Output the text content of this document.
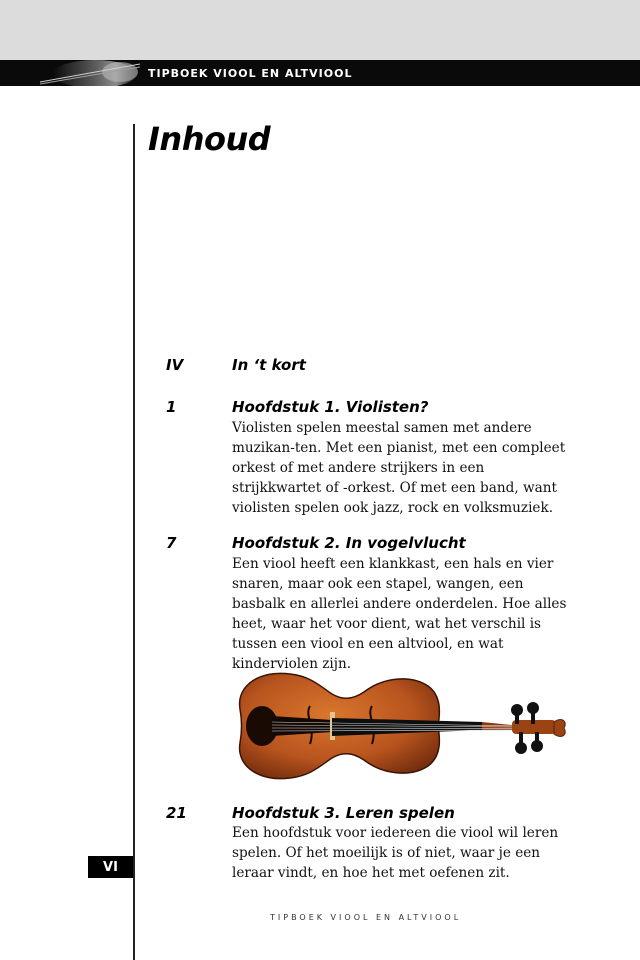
TIPBOEK VIOOL EN ALTVIOOL
Inhoud
IV	In ‘t kort
1	Hoofdstuk 1. Violisten?
Violisten spelen meestal samen met andere muzikan-ten. Met een pianist, met een compleet orkest of met andere strijkers in een strijkkwartet of -orkest. Of met een band, want violisten spelen ook jazz, rock en volksmuziek.
7	Hoofdstuk 2. In vogelvlucht
Een viool heeft een klankkast, een hals en vier snaren, maar ook een stapel, wangen, een basbalk en allerlei andere onderdelen. Hoe alles heet, waar het voor dient, wat het verschil is tussen een viool en een altviool, en wat kinderviolen zijn.
21	Hoofdstuk 3. Leren spelen
Een hoofdstuk voor iedereen die viool wil leren spelen. Of het moeilijk is of niet, waar je een leraar vindt, en hoe het met oefenen zit.
VI
TIPBOEK VIOOL EN ALTVIOOL
